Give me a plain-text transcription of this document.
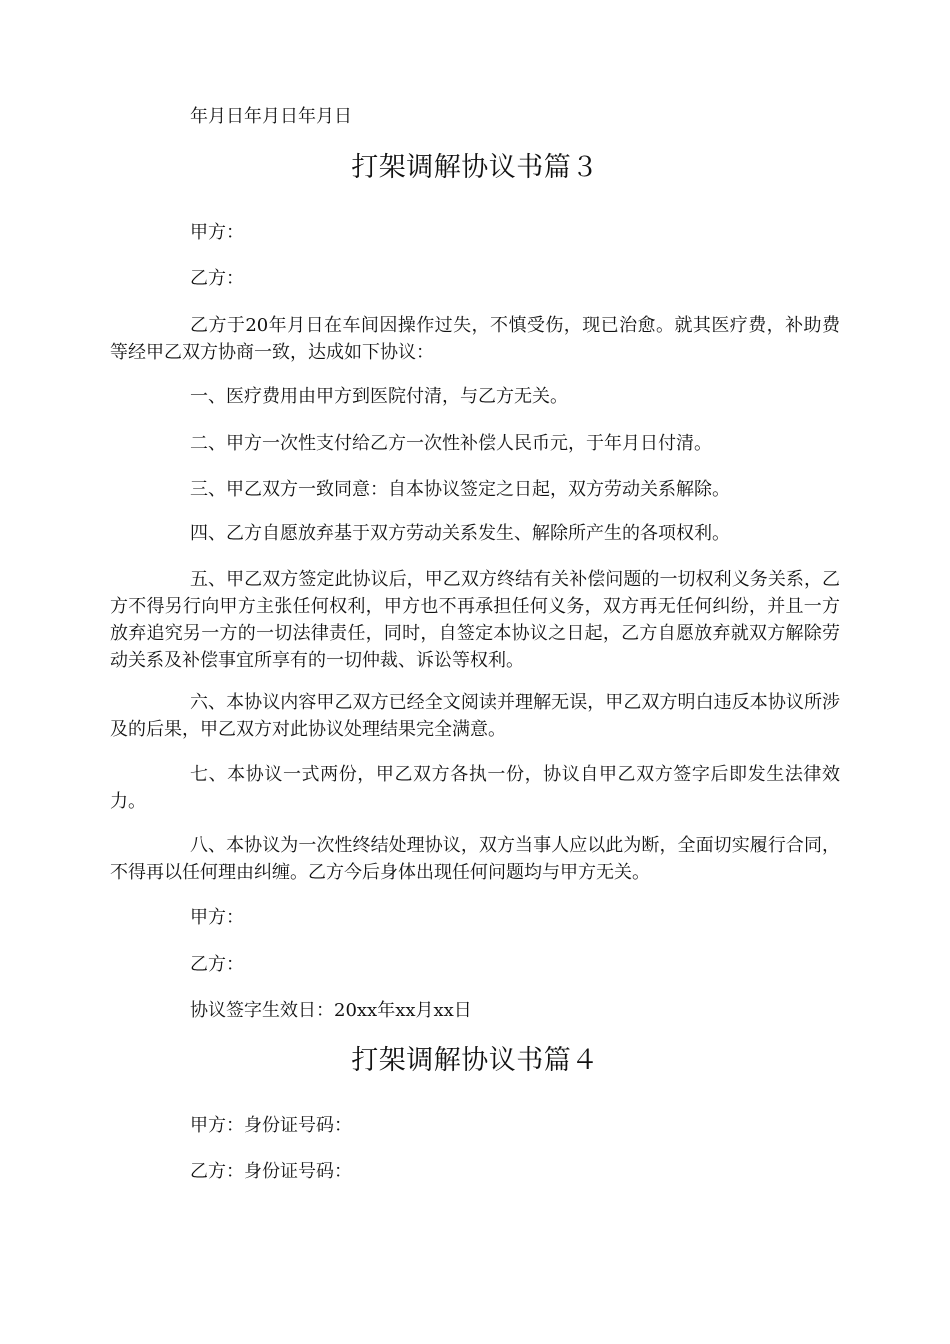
年月日年月日年月日
打架调解协议书篇３
甲方：
乙方：
乙方于20年月日在车间因操作过失，不慎受伤，现已治愈。就其医疗费，补助费等经甲乙双方协商一致，达成如下协议：
一、医疗费用由甲方到医院付清，与乙方无关。
二、甲方一次性支付给乙方一次性补偿人民币元，于年月日付清。
三、甲乙双方一致同意：自本协议签定之日起，双方劳动关系解除。
四、乙方自愿放弃基于双方劳动关系发生、解除所产生的各项权利。
五、甲乙双方签定此协议后，甲乙双方终结有关补偿问题的一切权利义务关系，乙方不得另行向甲方主张任何权利，甲方也不再承担任何义务，双方再无任何纠纷，并且一方放弃追究另一方的一切法律责任，同时，自签定本协议之日起，乙方自愿放弃就双方解除劳动关系及补偿事宜所享有的一切仲裁、诉讼等权利。
六、本协议内容甲乙双方已经全文阅读并理解无误，甲乙双方明白违反本协议所涉及的后果，甲乙双方对此协议处理结果完全满意。
七、本协议一式两份，甲乙双方各执一份，协议自甲乙双方签字后即发生法律效力。
八、本协议为一次性终结处理协议，双方当事人应以此为断，全面切实履行合同，不得再以任何理由纠缠。乙方今后身体出现任何问题均与甲方无关。
甲方：
乙方：
协议签字生效日：20xx年xx月xx日
打架调解协议书篇４
甲方：身份证号码：
乙方：身份证号码：
